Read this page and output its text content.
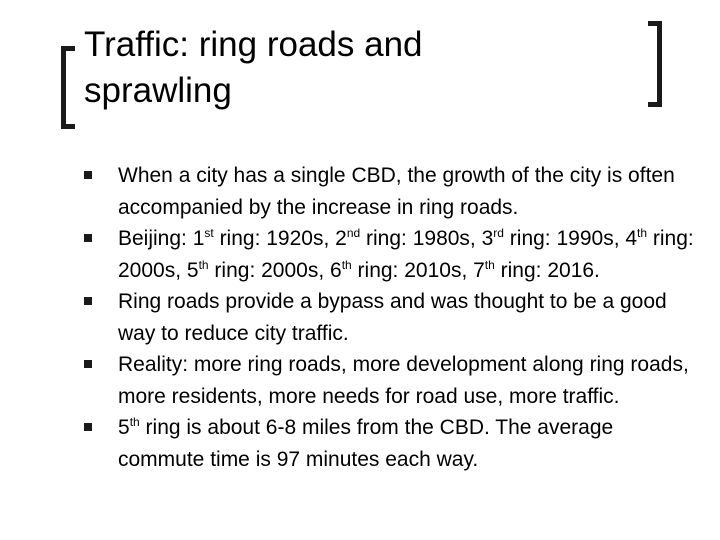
Traffic: ring roads and
sprawling
When a city has a single CBD, the growth of the city is often accompanied by the increase in ring roads.
Beijing: 1st ring: 1920s, 2nd ring: 1980s, 3rd ring: 1990s, 4th ring: 2000s, 5th ring: 2000s, 6th ring: 2010s, 7th ring: 2016.
Ring roads provide a bypass and was thought to be a good way to reduce city traffic.
Reality: more ring roads, more development along ring roads, more residents, more needs for road use, more traffic.
5th ring is about 6-8 miles from the CBD. The average commute time is 97 minutes each way.
